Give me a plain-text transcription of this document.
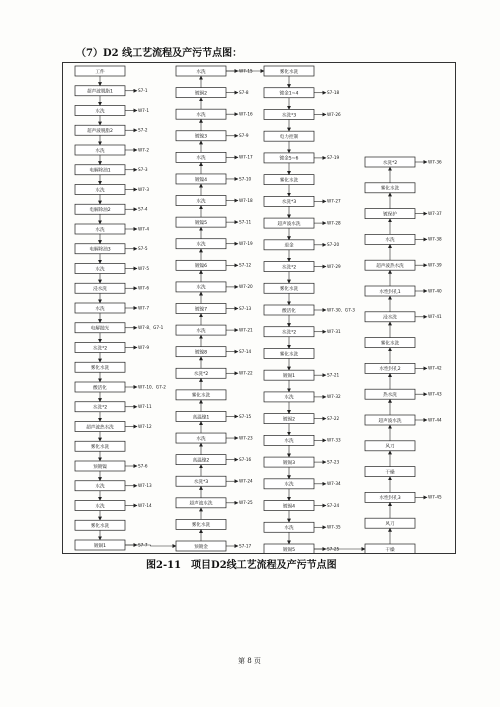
（7）D2 线工艺流程及产污节点图：
工件
超声波脱脂1	S7-1
水洗	W7-1
超声波脱脂2	S7-2
水洗	W7-2
电解除油1	S7-3
水洗	W7-3
电解除油2	S7-4
水洗	W7-4
电解除油3	S7-5
水洗	W7-5
浸水洗	W7-6
水洗	W7-7
电解抛光	W7-8、G7-1
水洗*2	W7-9
雾化水洗
酸活化	W7-10、G7-2
水洗*2	W7-11
超声波热水洗	W7-12
雾化水洗
预镀镍	S7-6
水洗	W7-13
水洗	W7-14
雾化水洗
镀铜1	S7-7	预镀金	S7-17
雾化水洗
超声波水洗	W7-25
水洗*3	W7-24
高温镍2	S7-16
水洗	W7-23
高温镍1	S7-15
雾化水洗
水洗*2	W7-22
镀镍8	S7-14
水洗	W7-21
镀镍7	S7-13
水洗	W7-20
镀镍6	S7-12
水洗	W7-19
镀镍5	S7-11
水洗	W7-18
镀镍4	S7-10
水洗	W7-17
镀镍3	S7-9
水洗	W7-16
镀铜2	S7-8
水洗	W7-15	雾化水洗
镀金1~4	S7-18
水洗*3	W7-26
电力控制
镀金5~6	S7-19
雾化水洗
水洗*3	W7-27
超声波水洗	W7-28
退金	S7-20
水洗*2	W7-29
雾化水洗
酸活化	W7-30、G7-3
水洗*2	W7-31
雾化水洗
镀锡1	S7-21
水洗	W7-32
镀锡2	S7-22
水洗	W7-33
镀锡3	S7-23
水洗	W7-34
镀锡4	S7-24
水洗	W7-35
镀锡5	S7-25	干燥
风刀
水性封孔3	W7-45
干燥
风刀
超声波水洗	W7-44
热水洗	W7-43
水性封孔2	W7-42
雾化水洗
浸水洗	W7-41
水性封孔1	W7-40
超声波热水洗	W7-39
水洗	W7-38
镀保护	W7-37
雾化水洗
水洗*2	W7-36
图2-11　项目D2线工艺流程及产污节点图
第 8 页
